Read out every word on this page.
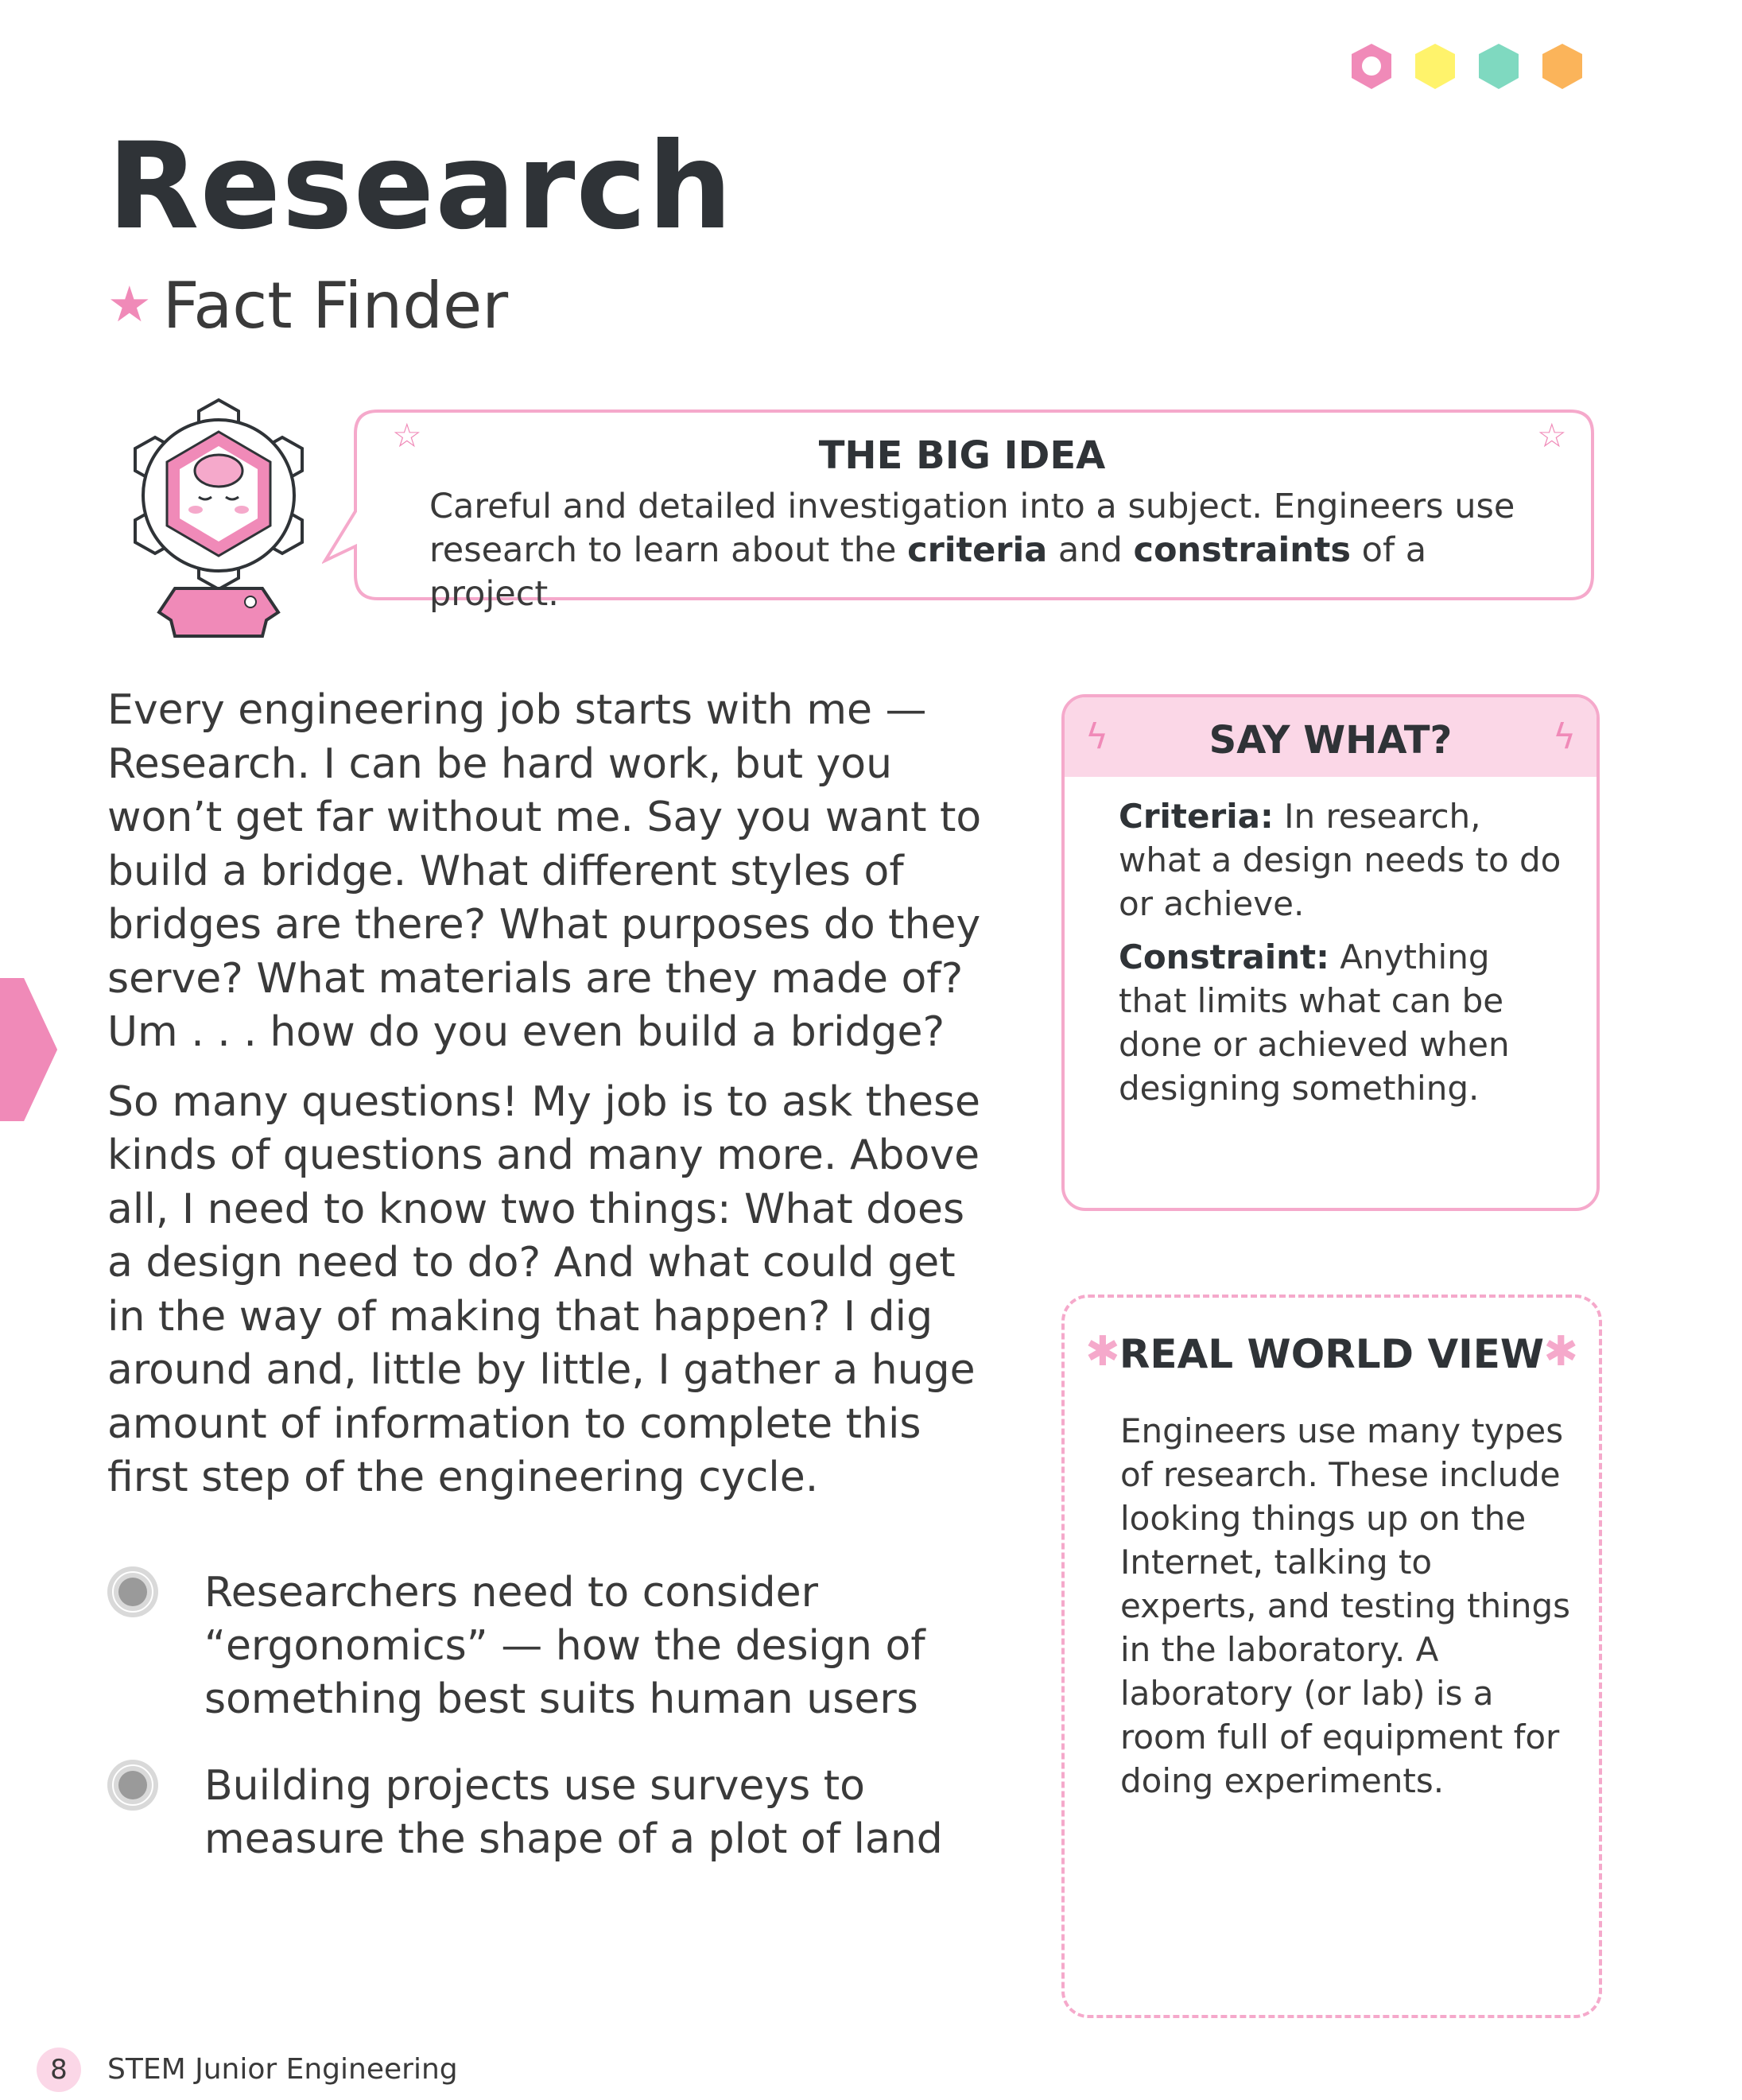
Research
★ Fact Finder
☆	☆
THE BIG IDEA

Careful and detailed investigation into a subject. Engineers use
research to learn about the criteria and constraints of a project.

Every engineering job starts with me — Research. I can be hard work, but you won’t get far without me. Say you want to build a bridge. What different styles of bridges are there? What purposes do they serve? What materials are they made of? Um . . . how do you even build a bridge?

So many questions! My job is to ask these kinds of questions and many more. Above all, I need to know two things: What does a design need to do? And what could get in the way of making that happen? I dig around and, little by little, I gather a huge amount of information to complete this first step of the engineering cycle.

Researchers need to consider “ergonomics” — how the design of something best suits human users
Building projects use surveys to measure the shape of a plot of land
ϟ	SAY WHAT?	ϟ

Criteria: In research, what a design needs to do or achieve.

Constraint: Anything that limits what can be done or achieved when designing something.

✱ REAL WORLD VIEW ✱

Engineers use many types of research. These include looking things up on the Internet, talking to experts, and testing things in the laboratory. A laboratory (or lab) is a room full of equipment for doing experiments.

8	STEM Junior Engineering
